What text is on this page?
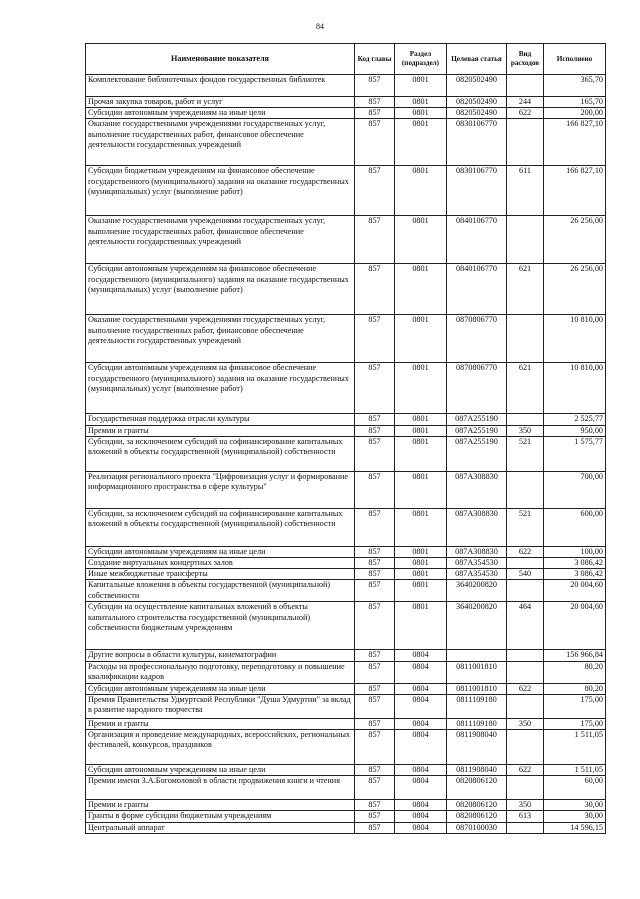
84
Наименование показателя	Код главы	Раздел (подраздел)	Целевая статья	Вид расходов	Исполнено
Комплектование библиотечных фондов государственных библиотек	857	0801	0820502490		365,70
Прочая закупка товаров, работ и услуг	857	0801	0820502490	244	165,70
Субсидии автономным учреждениям на иные цели	857	0801	0820502490	622	200,00
Оказание государственными учреждениями государственных услуг, выполнение государственных работ, финансовое обеспечение деятельности государственных учреждений	857	0801	0830106770		166 827,10
Субсидии бюджетным учреждениям на финансовое обеспечение государственного (муниципального) задания на оказание государственных (муниципальных) услуг (выполнение работ)	857	0801	0830106770	611	166 827,10
Оказание государственными учреждениями государственных услуг, выполнение государственных работ, финансовое обеспечение деятельности государственных учреждений	857	0801	0840106770		26 256,00
Субсидии автономным учреждениям на финансовое обеспечение государственного (муниципального) задания на оказание государственных (муниципальных) услуг (выполнение работ)	857	0801	0840106770	621	26 256,00
Оказание государственными учреждениями государственных услуг, выполнение государственных работ, финансовое обеспечение деятельности государственных учреждений	857	0801	0870806770		10 810,00
Субсидии автономным учреждениям на финансовое обеспечение государственного (муниципального) задания на оказание государственных (муниципальных) услуг (выполнение работ)	857	0801	0870806770	621	10 810,00
Государственная поддержка отрасли культуры	857	0801	087A255190		2 525,77
Премии и гранты	857	0801	087A255190	350	950,00
Субсидии, за исключением субсидий на софинансирование капитальных вложений в объекты государственной (муниципальной) собственности	857	0801	087A255190	521	1 575,77
Реализация регионального проекта "Цифровизация услуг и формирование информационного пространства в сфере культуры"	857	0801	087A308830		700,00
Субсидии, за исключением субсидий на софинансирование капитальных вложений в объекты государственной (муниципальной) собственности	857	0801	087A308830	521	600,00
Субсидии автономным учреждениям на иные цели	857	0801	087A308830	622	100,00
Создание виртуальных концертных залов	857	0801	087A354530		3 086,42
Иные межбюджетные трансферты	857	0801	087A354530	540	3 086,42
Капитальные вложения в объекты государственной (муниципальной) собственности	857	0801	3640200820		20 004,60
Субсидии на осуществление капитальных вложений в объекты капитального строительства государственной (муниципальной) собственности бюджетным учреждениям	857	0801	3640200820	464	20 004,60
Другие вопросы в области культуры, кинематографии	857	0804			156 966,84
Расходы на профессиональную подготовку, переподготовку и повышение квалификации кадров	857	0804	0811001810		80,20
Субсидии автономным учреждениям на иные цели	857	0804	0811001810	622	80,20
Премия Правительства Удмуртской Республики "Душа Удмуртии" за вклад в развитие народного творчества	857	0804	0811109180		175,00
Премии и гранты	857	0804	0811109180	350	175,00
Организация и проведение международных, всероссийских, региональных фестивалей, конкурсов, праздников	857	0804	0811908040		1 511,05
Субсидии автономным учреждениям на иные цели	857	0804	0811908040	622	1 511,05
Премии имени З.А.Богомоловой в области продвижения книги и чтения	857	0804	0820806120		60,00
Премии и гранты	857	0804	0820806120	350	30,00
Гранты в форме субсидии бюджетным учреждениям	857	0804	0820806120	613	30,00
Центральный аппарат	857	0804	0870100030		14 596,15
